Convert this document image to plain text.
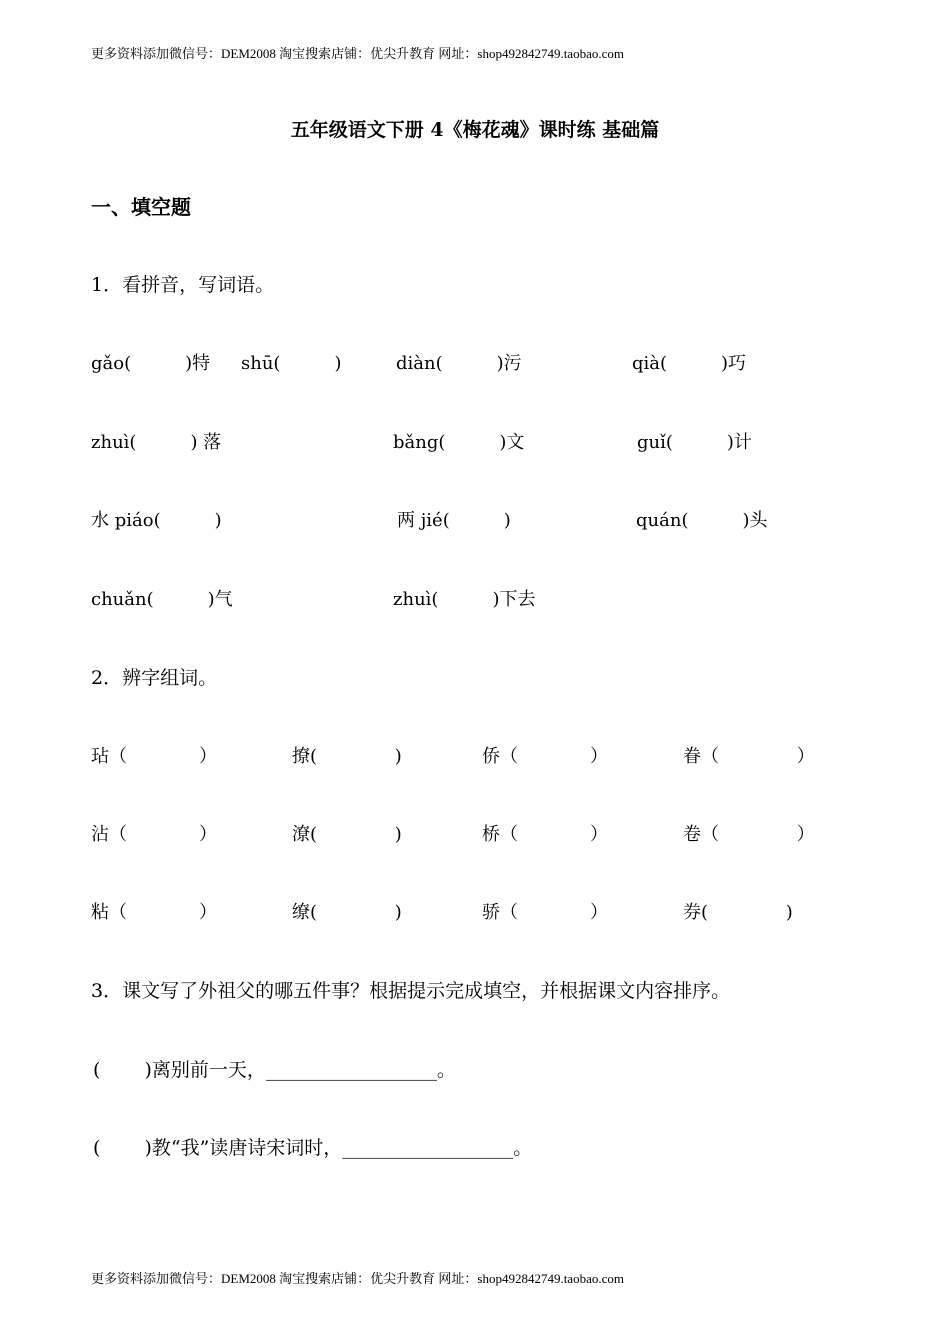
更多资料添加微信号：DEM2008 淘宝搜索店铺：优尖升教育 网址：shop492842749.taobao.com
五年级语文下册 4《梅花魂》课时练 基础篇
一、填空题
1．看拼音，写词语。
gǎo(　　　)特 shū(　　　)	diàn(　　　)污	qià(　　　)巧
zhuì(　　　) 落	bǎng(　　　)文	guǐ(　　　)计
水 piáo(　　　)	两 jié(　　　)	quán(　　　)头
chuǎn(　　　)气	zhuì(　　　)下去
2．辨字组词。
玷（　　　　）	撩(　　　　 )	侨（　　　　）	眷（　　　　 ）
沾（　　　　）	潦(　　　　 )	桥（　　　　）	卷（　　　　 ）
粘（　　　　）	缭(　　　　 )	骄（　　　　）	券(　　　　 )
3．课文写了外祖父的哪五件事？根据提示完成填空，并根据课文内容排序。
(　　 )离别前一天，__________________。
(　　 )教“我”读唐诗宋词时，__________________。
更多资料添加微信号：DEM2008 淘宝搜索店铺：优尖升教育 网址：shop492842749.taobao.com
